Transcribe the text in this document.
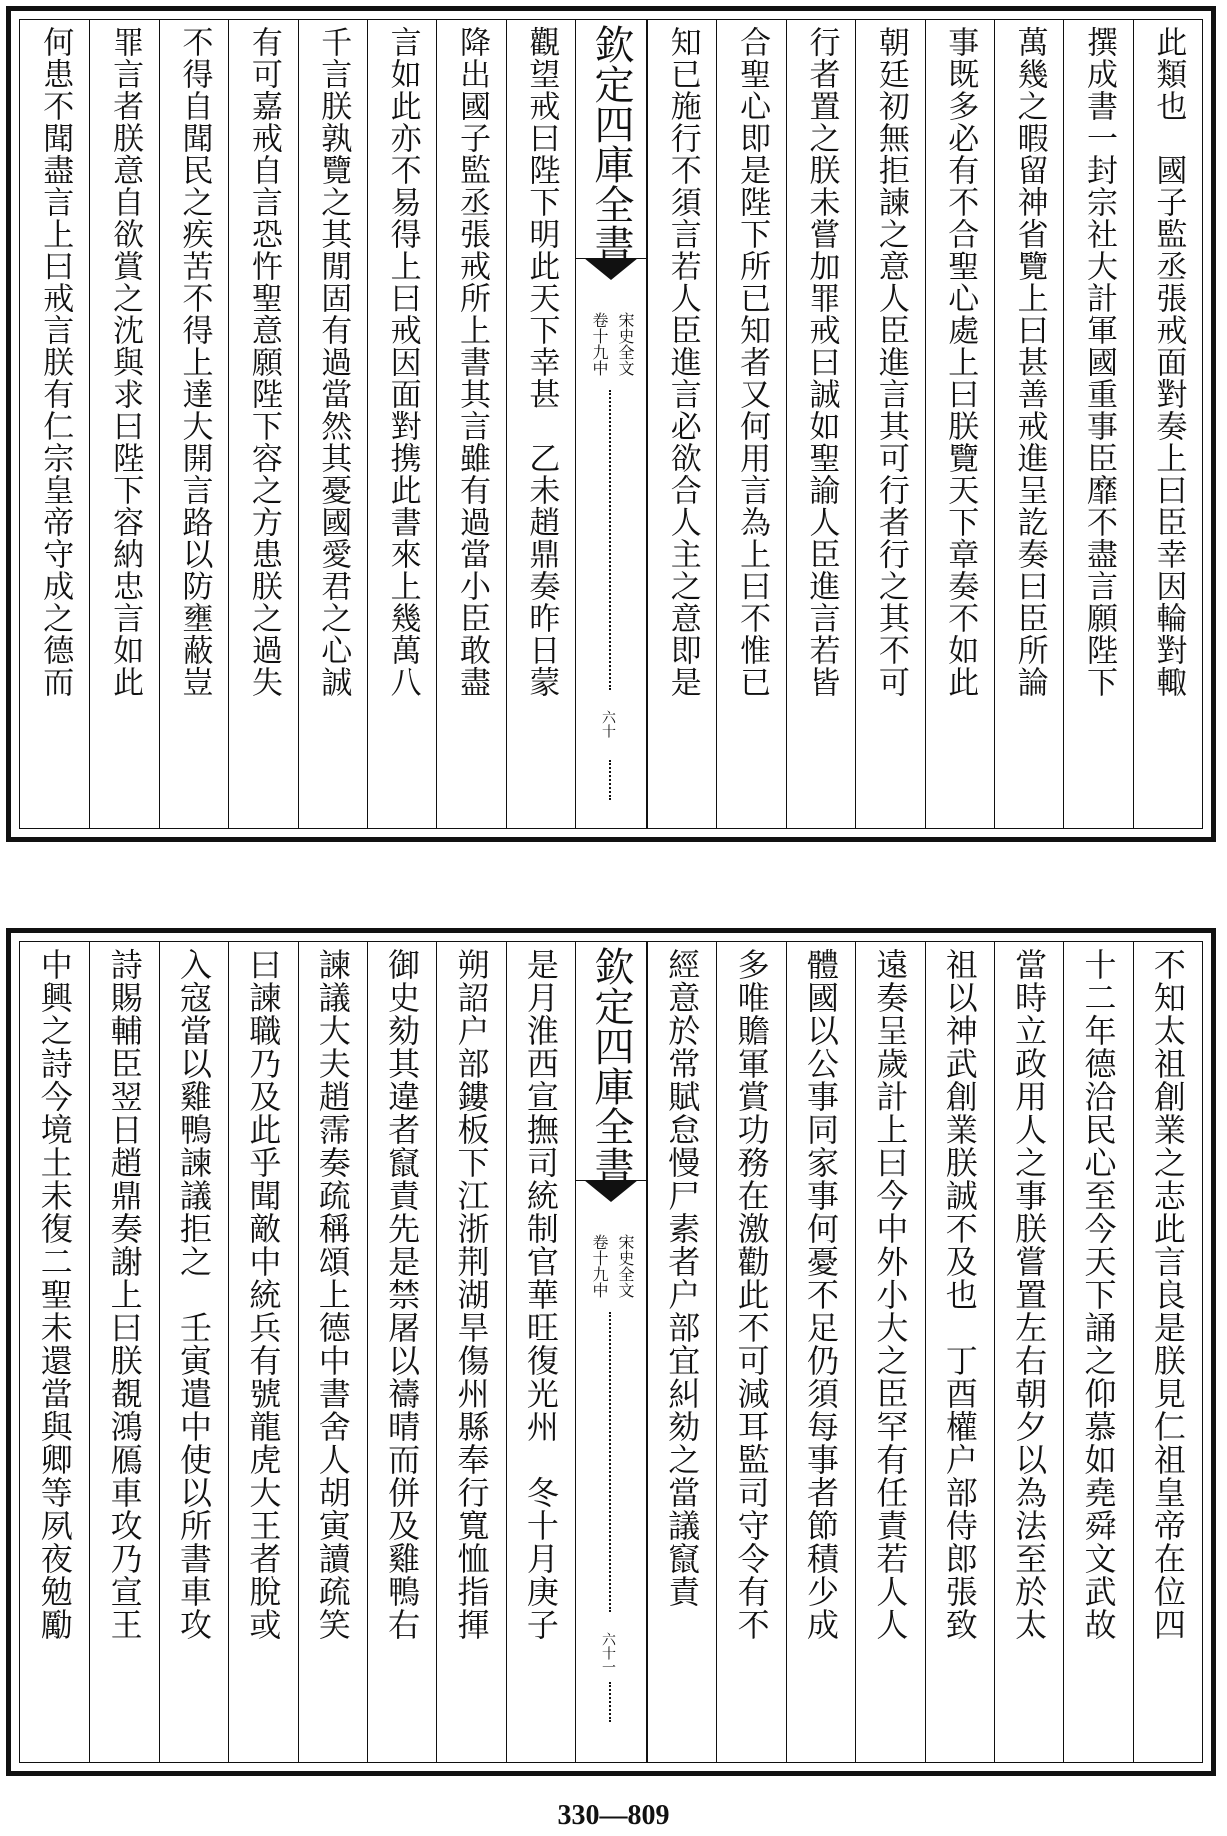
此類也　國子監丞張戒面對奏上曰臣幸因輪對輙
撰成書一封宗社大計軍國重事臣靡不盡言願陛下
萬幾之暇留神省覽上曰甚善戒進呈訖奏曰臣所論
事既多必有不合聖心處上曰朕覽天下章奏不如此
朝廷初無拒諫之意人臣進言其可行者行之其不可
行者置之朕未嘗加罪戒曰誠如聖諭人臣進言若皆
合聖心即是陛下所已知者又何用言為上曰不惟已
知已施行不須言若人臣進言必欲合人主之意即是
欽定四庫全書
宋史全文
卷十九中
六十
觀望戒曰陛下明此天下幸甚　乙未趙鼎奏昨日蒙
降出國子監丞張戒所上書其言雖有過當小臣敢盡
言如此亦不易得上曰戒因面對携此書來上幾萬八
千言朕孰覽之其閒固有過當然其憂國愛君之心誠
有可嘉戒自言恐忤聖意願陛下容之方患朕之過失
不得自聞民之疾苦不得上達大開言路以防壅蔽豈
罪言者朕意自欲賞之沈與求曰陛下容納忠言如此
何患不聞盡言上曰戒言朕有仁宗皇帝守成之德而
不知太祖創業之志此言良是朕見仁祖皇帝在位四
十二年德洽民心至今天下誦之仰慕如堯舜文武故
當時立政用人之事朕嘗置左右朝夕以為法至於太
祖以神武創業朕誠不及也　丁酉權户部侍郎張致
遠奏呈歲計上曰今中外小大之臣罕有任責若人人
體國以公事同家事何憂不足仍須每事者節積少成
多唯贍軍賞功務在激勸此不可減耳監司守令有不
經意於常賦怠慢尸素者户部宜糾劾之當議竄責
欽定四庫全書
宋史全文
卷十九中
六十一
是月淮西宣撫司統制官華旺復光州　冬十月庚子
朔詔户部鏤板下江浙荆湖旱傷州縣奉行寬恤指揮
御史劾其違者竄責先是禁屠以禱晴而併及雞鴨右
諫議大夫趙霈奏疏稱頌上德中書舍人胡寅讀疏笑
曰諫職乃及此乎聞敵中統兵有號龍虎大王者脫或
入寇當以雞鴨諫議拒之　壬寅遣中使以所書車攻
詩賜輔臣翌日趙鼎奏謝上曰朕覩鴻鴈車攻乃宣王
中興之詩今境土未復二聖未還當與卿等夙夜勉勵
330—809
